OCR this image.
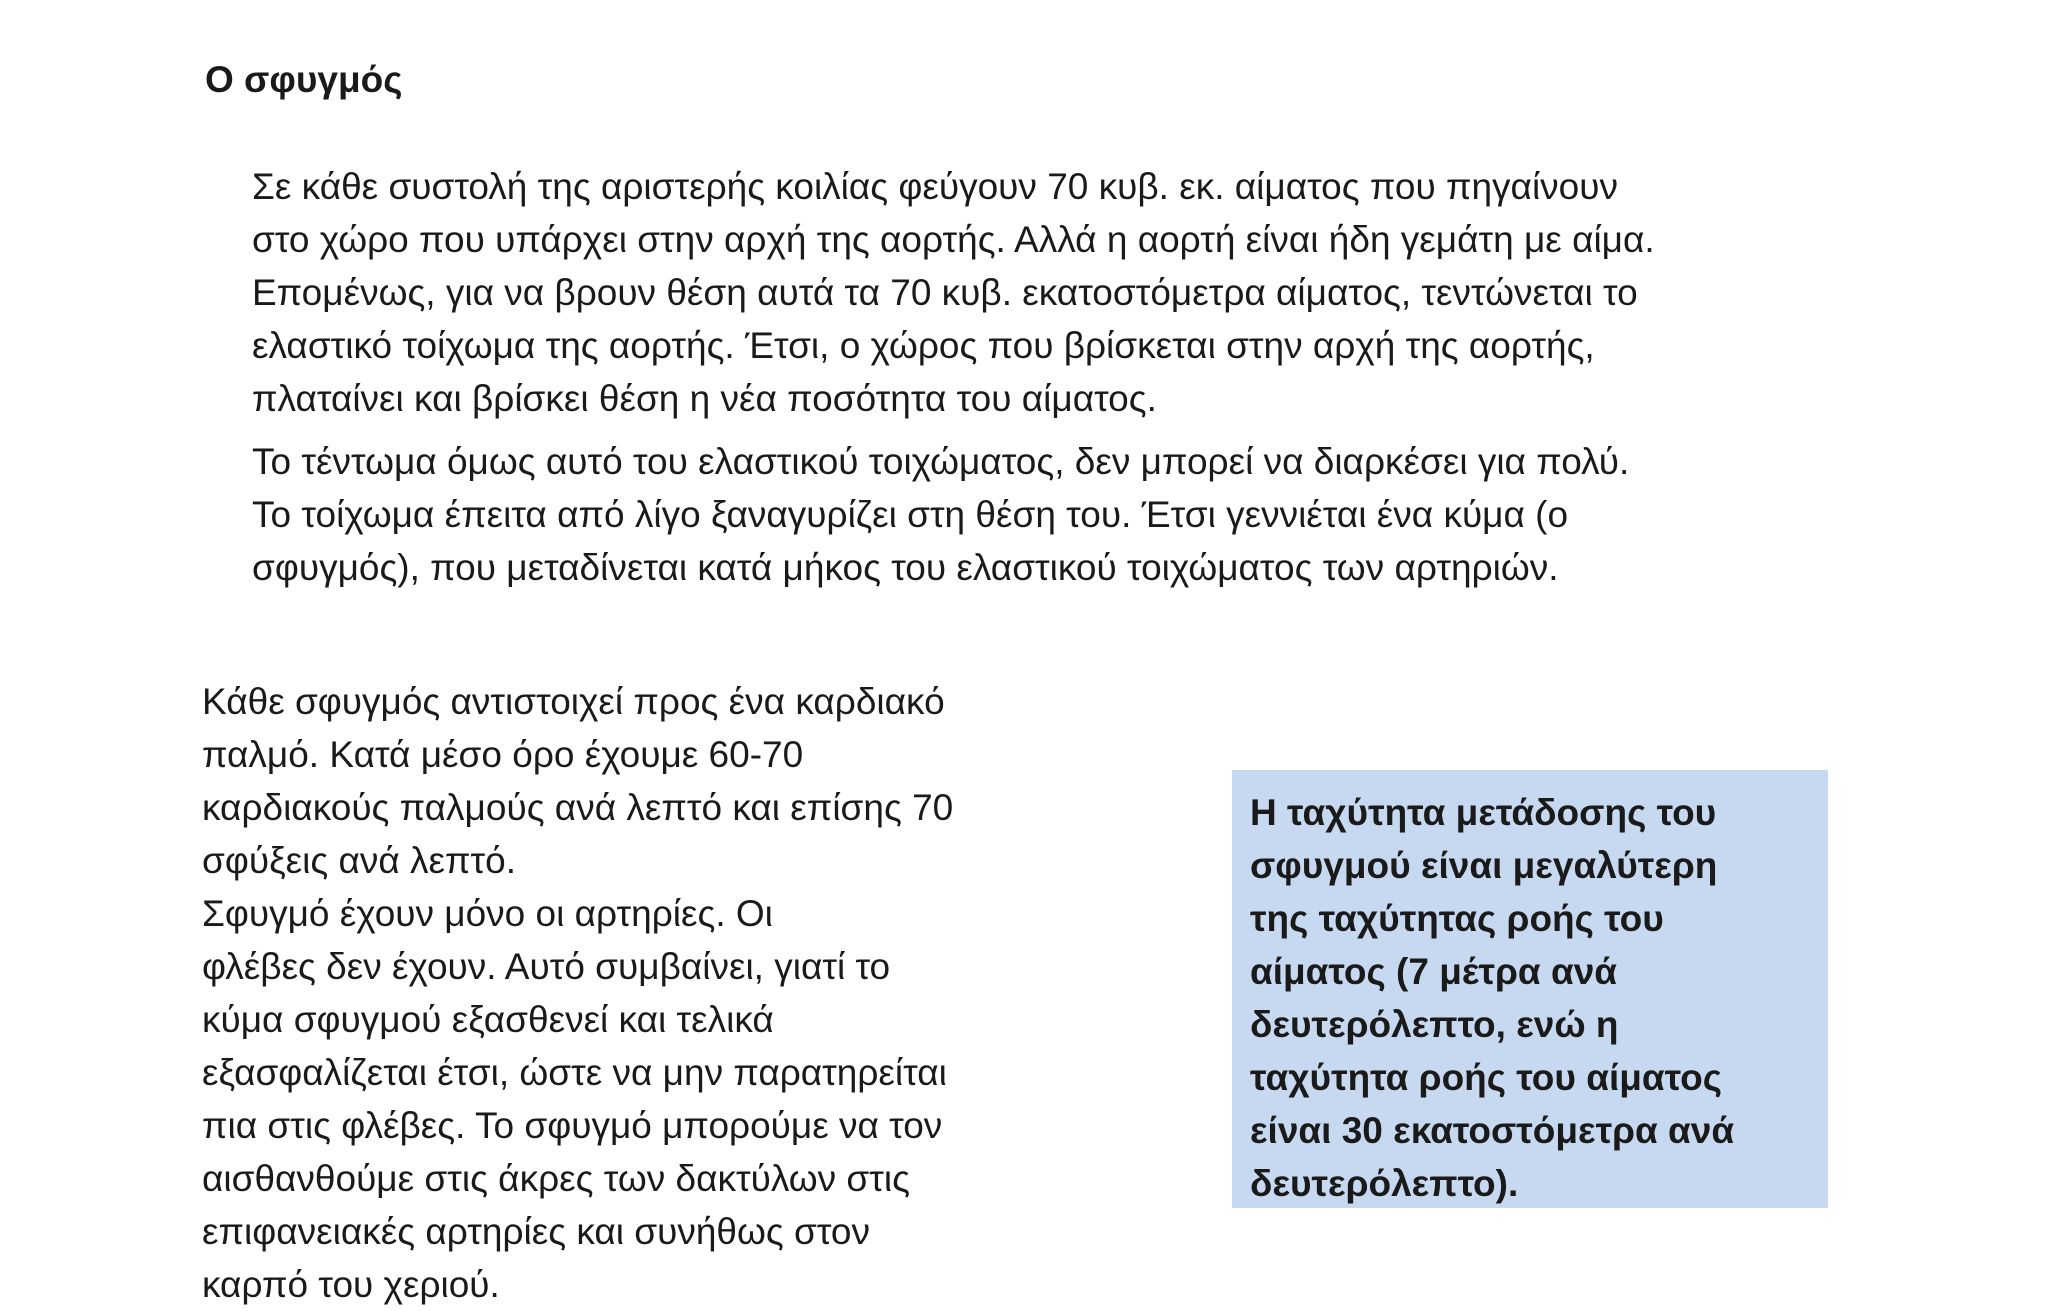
Ο σφυγμός

Σε κάθε συστολή της αριστερής κοιλίας φεύγουν 70 κυβ. εκ. αίματος που πηγαίνουν
στο χώρο που υπάρχει στην αρχή της αορτής. Αλλά η αορτή είναι ήδη γεμάτη με αίμα.
Επομένως, για να βρουν θέση αυτά τα 70 κυβ. εκατοστόμετρα αίματος, τεντώνεται το
ελαστικό τοίχωμα της αορτής. Έτσι, ο χώρος που βρίσκεται στην αρχή της αορτής,
πλαταίνει και βρίσκει θέση η νέα ποσότητα του αίματος.

Το τέντωμα όμως αυτό του ελαστικού τοιχώματος, δεν μπορεί να διαρκέσει για πολύ.
Το τοίχωμα έπειτα από λίγο ξαναγυρίζει στη θέση του. Έτσι γεννιέται ένα κύμα (ο
σφυγμός), που μεταδίνεται κατά μήκος του ελαστικού τοιχώματος των αρτηριών.

Κάθε σφυγμός αντιστοιχεί προς ένα καρδιακό
παλμό. Κατά μέσο όρο έχουμε 60-70
καρδιακούς παλμούς ανά λεπτό και επίσης 70
σφύξεις ανά λεπτό.
Σφυγμό έχουν μόνο οι αρτηρίες. Οι
φλέβες δεν έχουν. Αυτό συμβαίνει, γιατί το
κύμα σφυγμού εξασθενεί και τελικά
εξασφαλίζεται έτσι, ώστε να μην παρατηρείται
πια στις φλέβες. Το σφυγμό μπορούμε να τον
αισθανθούμε στις άκρες των δακτύλων στις
επιφανειακές αρτηρίες και συνήθως στον
καρπό του χεριού.
Η ταχύτητα μετάδοσης του
σφυγμού είναι μεγαλύτερη
της ταχύτητας ροής του
αίματος (7 μέτρα ανά
δευτερόλεπτο, ενώ η
ταχύτητα ροής του αίματος
είναι 30 εκατοστόμετρα ανά
δευτερόλεπτο).
